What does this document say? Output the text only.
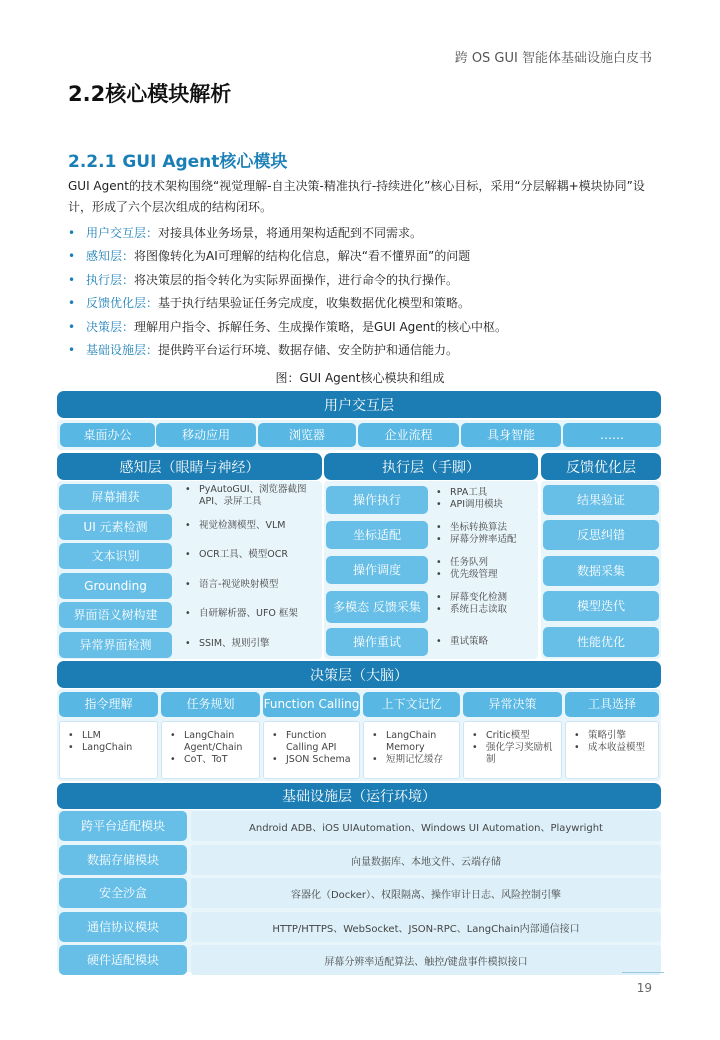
跨 OS GUI 智能体基础设施白皮书
2.2核心模块解析
2.2.1 GUI Agent核心模块
GUI Agent的技术架构围绕“视觉理解-自主决策-精准执行-持续进化”核心目标，采用“分层解耦+模块协同”设计，形成了六个层次组成的结构闭环。
• 用户交互层：对接具体业务场景，将通用架构适配到不同需求。
• 感知层：将图像转化为AI可理解的结构化信息，解决“看不懂界面”的问题
• 执行层：将决策层的指令转化为实际界面操作，进行命令的执行操作。
• 反馈优化层：基于执行结果验证任务完成度，收集数据优化模型和策略。
• 决策层：理解用户指令、拆解任务、生成操作策略，是GUI Agent的核心中枢。
• 基础设施层：提供跨平台运行环境、数据存储、安全防护和通信能力。
图：GUI Agent核心模块和组成
用户交互层
桌面办公	移动应用	浏览器	企业流程	具身智能	……
感知层（眼睛与神经）
屏幕捕获	• PyAutoGUI、浏览器截图API、录屏工具
UI 元素检测	• 视觉检测模型、VLM
文本识别	• OCR工具、模型OCR
Grounding	• 语言-视觉映射模型
界面语义树构建	• 自研解析器、UFO 框架
异常界面检测	• SSIM、规则引擎
执行层（手脚）
操作执行	• RPA工具
• API调用模块
坐标适配	• 坐标转换算法
• 屏幕分辨率适配
操作调度	• 任务队列
• 优先级管理
多模态 反馈采集
• 屏幕变化检测
• 系统日志读取
操作重试	• 重试策略
反馈优化层
结果验证
反思纠错
数据采集
模型迭代
性能优化
决策层（大脑）
指令理解
• LLM
• LangChain
任务规划
• LangChain Agent/Chain
• CoT、ToT
Function Calling
• Function Calling API
• JSON Schema
上下文记忆
• LangChain Memory
• 短期记忆缓存
异常决策
• Critic模型
• 强化学习奖励机制
工具选择
• 策略引擎
• 成本收益模型
基础设施层（运行环境）
跨平台适配模块	Android ADB、iOS UIAutomation、Windows UI Automation、Playwright
数据存储模块	向量数据库、本地文件、云端存储
安全沙盒	容器化（Docker）、权限隔离、操作审计日志、风险控制引擎
通信协议模块	HTTP/HTTPS、WebSocket、JSON-RPC、LangChain内部通信接口
硬件适配模块	屏幕分辨率适配算法、触控/键盘事件模拟接口
19
